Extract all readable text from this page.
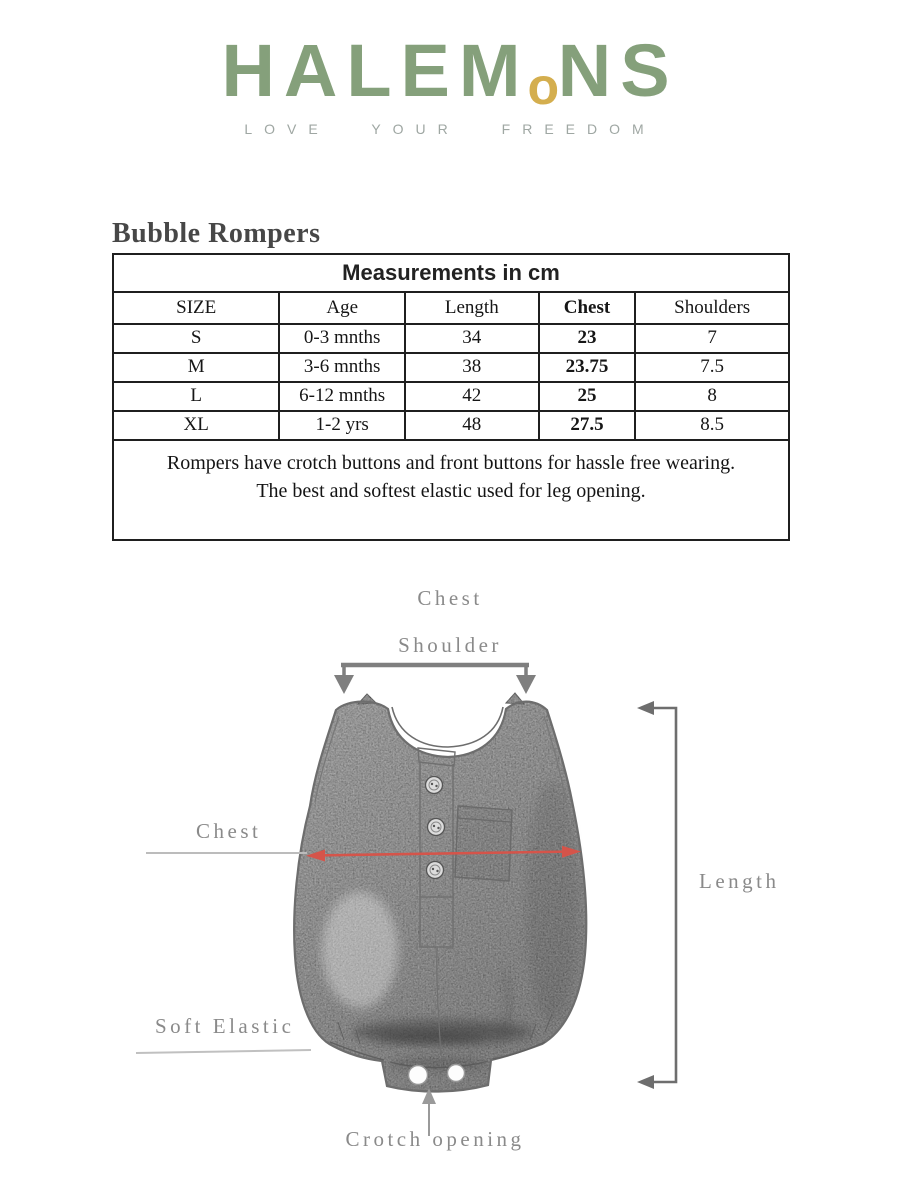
HALEMoNS
LOVE YOUR FREEDOM
Bubble Rompers
Measurements in cm				
SIZE	Age	Length	Chest	Shoulders
S	0-3 mnths	34	23	7
M	3-6 mnths	38	23.75	7.5
L	6-12 mnths	42	25	8
XL	1-2 yrs	48	27.5	8.5

Rompers have crotch buttons and front buttons for hassle free wearing.
The best and softest elastic used for leg opening.				
Chest
Shoulder
Chest
Length
Soft Elastic
Crotch opening
